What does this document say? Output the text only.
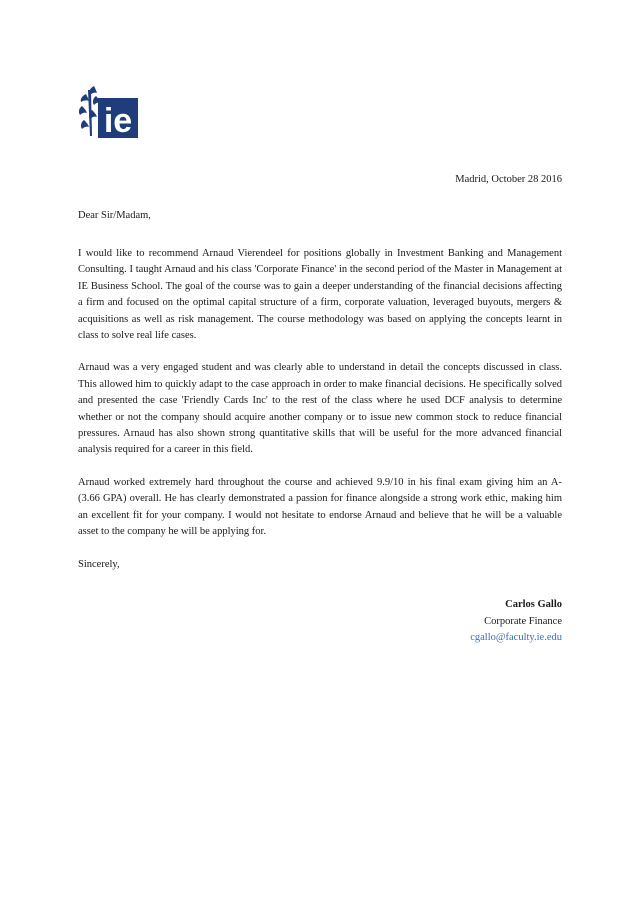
ie
Madrid, October 28 2016
Dear Sir/Madam,

I would like to recommend Arnaud Vierendeel for positions globally in Investment Banking and Management Consulting. I taught Arnaud and his class 'Corporate Finance' in the second period of the Master in Management at IE Business School. The goal of the course was to gain a deeper understanding of the financial decisions affecting a firm and focused on the optimal capital structure of a firm, corporate valuation, leveraged buyouts, mergers & acquisitions as well as risk management. The course methodology was based on applying the concepts learnt in class to solve real life cases.

Arnaud was a very engaged student and was clearly able to understand in detail the concepts discussed in class. This allowed him to quickly adapt to the case approach in order to make financial decisions. He specifically solved and presented the case 'Friendly Cards Inc' to the rest of the class where he used DCF analysis to determine whether or not the company should acquire another company or to issue new common stock to reduce financial pressures. Arnaud has also shown strong quantitative skills that will be useful for the more advanced financial analysis required for a career in this field.

Arnaud worked extremely hard throughout the course and achieved 9.9/10 in his final exam giving him an A- (3.66 GPA) overall. He has clearly demonstrated a passion for finance alongside a strong work ethic, making him an excellent fit for your company. I would not hesitate to endorse Arnaud and believe that he will be a valuable asset to the company he will be applying for.

Sincerely,

Carlos Gallo
Corporate Finance
cgallo@faculty.ie.edu
